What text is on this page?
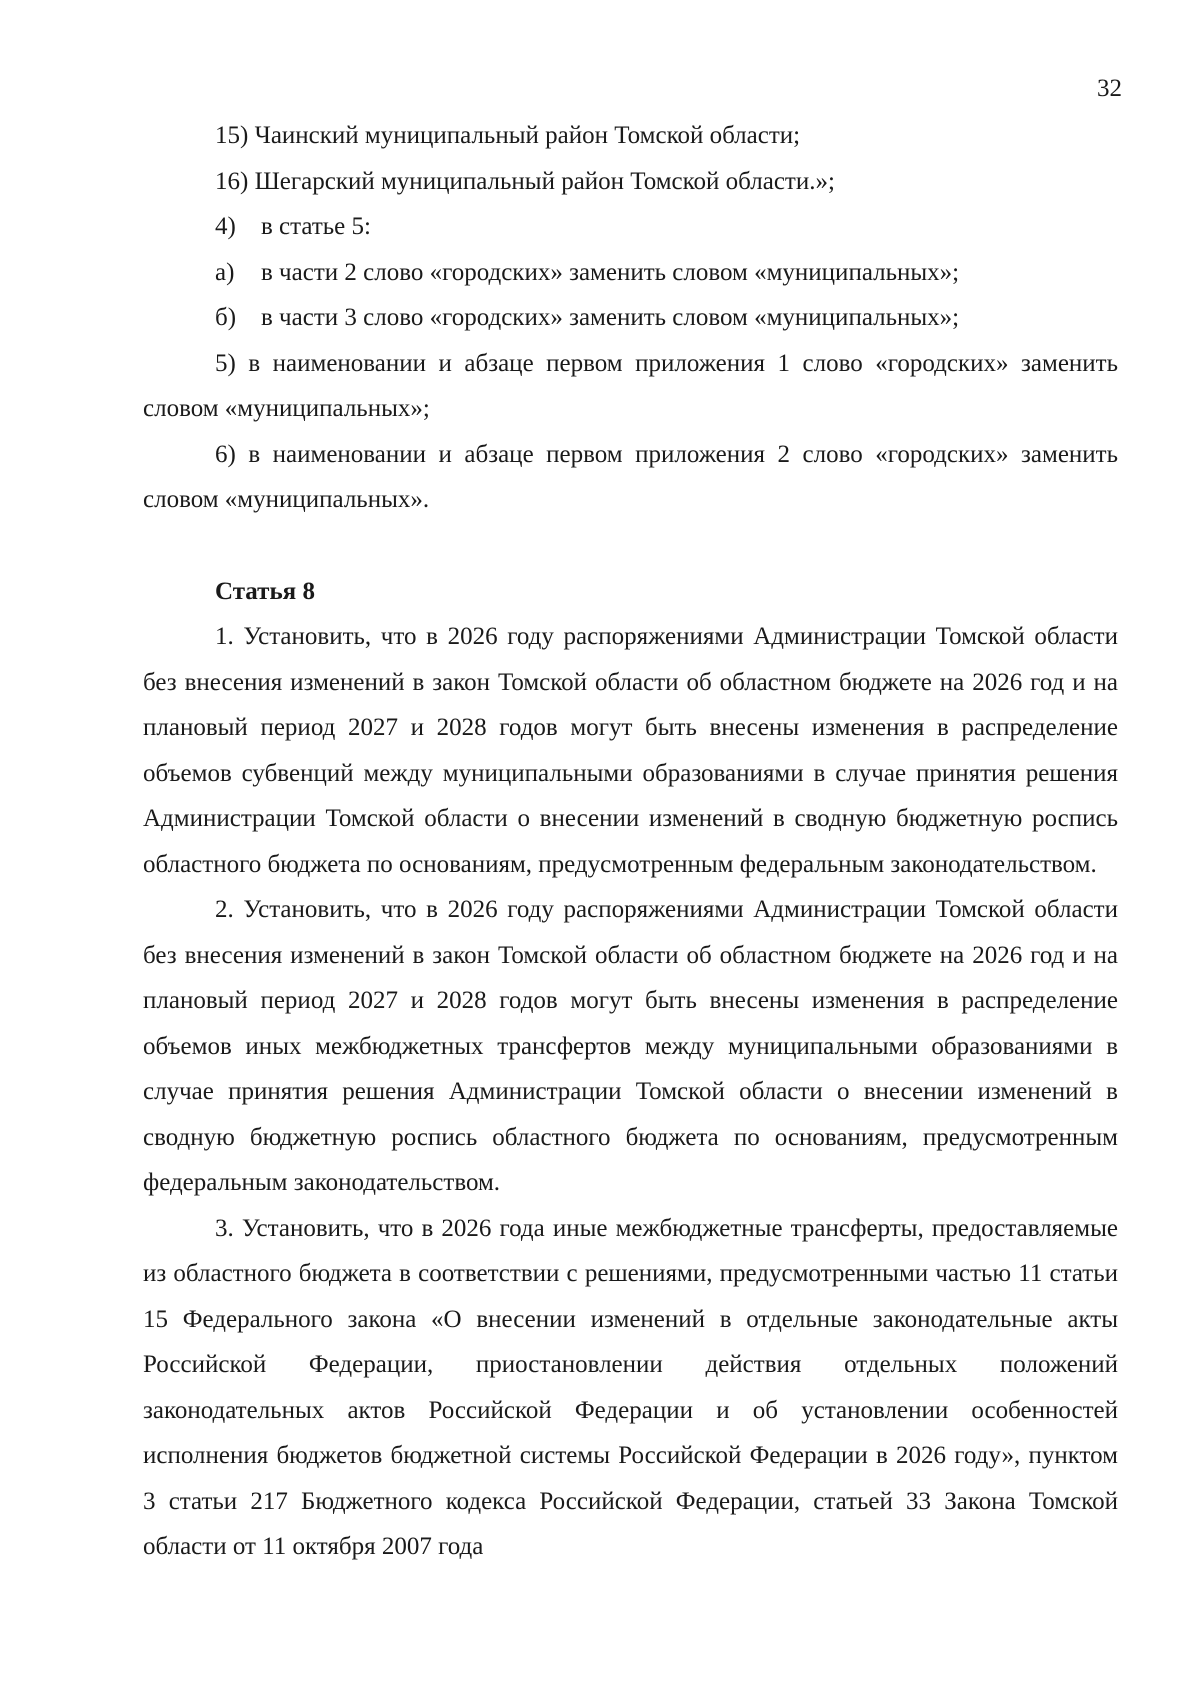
32

15) Чаинский муниципальный район Томской области;

16) Шегарский муниципальный район Томской области.»;

4) в статье 5:

а) в части 2 слово «городских» заменить словом «муниципальных»;

б) в части 3 слово «городских» заменить словом «муниципальных»;

5) в наименовании и абзаце первом приложения 1 слово «городских» заменить словом «муниципальных»;

6) в наименовании и абзаце первом приложения 2 слово «городских» заменить словом «муниципальных».

Статья 8

1. Установить, что в 2026 году распоряжениями Администрации Томской области без внесения изменений в закон Томской области об областном бюджете на 2026 год и на плановый период 2027 и 2028 годов могут быть внесены изменения в распределение объемов субвенций между муниципальными образованиями в случае принятия решения Администрации Томской области о внесении изменений в сводную бюджетную роспись областного бюджета по основаниям, предусмотренным федеральным законодательством.

2. Установить, что в 2026 году распоряжениями Администрации Томской области без внесения изменений в закон Томской области об областном бюджете на 2026 год и на плановый период 2027 и 2028 годов могут быть внесены изменения в распределение объемов иных межбюджетных трансфертов между муниципальными образованиями в случае принятия решения Администрации Томской области о внесении изменений в сводную бюджетную роспись областного бюджета по основаниям, предусмотренным федеральным законодательством.

3. Установить, что в 2026 года иные межбюджетные трансферты, предоставляемые из областного бюджета в соответствии с решениями, предусмотренными частью 11 статьи 15 Федерального закона «О внесении изменений в отдельные законодательные акты Российской Федерации, приостановлении действия отдельных положений законодательных актов Российской Федерации и об установлении особенностей исполнения бюджетов бюджетной системы Российской Федерации в 2026 году», пунктом 3 статьи 217 Бюджетного кодекса Российской Федерации, статьей 33 Закона Томской области от 11 октября 2007 года
